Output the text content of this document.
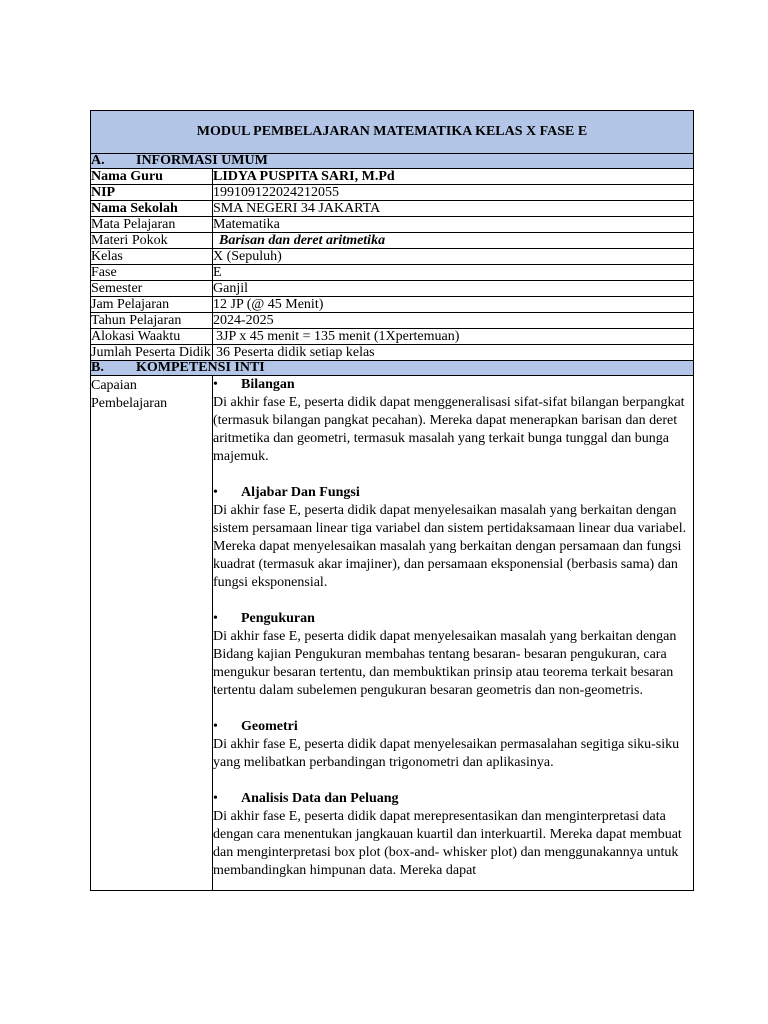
MODUL PEMBELAJARAN MATEMATIKA KELAS X FASE E
A.	INFORMASI UMUM
Nama Guru	LIDYA PUSPITA SARI, M.Pd
NIP	199109122024212055
Nama Sekolah	SMA NEGERI 34 JAKARTA
Mata Pelajaran	Matematika
Materi Pokok	Barisan dan deret aritmetika
Kelas	X (Sepuluh)
Fase	E
Semester	Ganjil
Jam Pelajaran	12 JP (@ 45 Menit)
Tahun Pelajaran	2024-2025
Alokasi Waaktu	3JP x 45 menit = 135 menit (1Xpertemuan)
Jumlah Peserta Didik 36 Peserta didik setiap kelas
B.	KOMPETENSI INTI
Capaian Pembelajaran
•	Bilangan
Di akhir fase E, peserta didik dapat menggeneralisasi sifat-sifat bilangan berpangkat (termasuk bilangan pangkat pecahan). Mereka dapat menerapkan barisan dan deret aritmetika dan geometri, termasuk masalah yang terkait bunga tunggal dan bunga majemuk.
•	Aljabar Dan Fungsi
Di akhir fase E, peserta didik dapat menyelesaikan masalah yang berkaitan dengan sistem persamaan linear tiga variabel dan sistem pertidaksamaan linear dua variabel. Mereka dapat menyelesaikan masalah yang berkaitan dengan persamaan dan fungsi kuadrat (termasuk akar imajiner), dan persamaan eksponensial (berbasis sama) dan fungsi eksponensial.
•	Pengukuran
Di akhir fase E, peserta didik dapat menyelesaikan masalah yang berkaitan dengan Bidang kajian Pengukuran membahas tentang besaran- besaran pengukuran, cara mengukur besaran tertentu, dan membuktikan prinsip atau teorema terkait besaran tertentu dalam subelemen pengukuran besaran geometris dan non-geometris.
•	Geometri
Di akhir fase E, peserta didik dapat menyelesaikan permasalahan segitiga siku-siku yang melibatkan perbandingan trigonometri dan aplikasinya.
•	Analisis Data dan Peluang
Di akhir fase E, peserta didik dapat merepresentasikan dan menginterpretasi data dengan cara menentukan jangkauan kuartil dan interkuartil. Mereka dapat membuat dan menginterpretasi box plot (box-and- whisker plot) dan menggunakannya untuk membandingkan himpunan data. Mereka dapat
